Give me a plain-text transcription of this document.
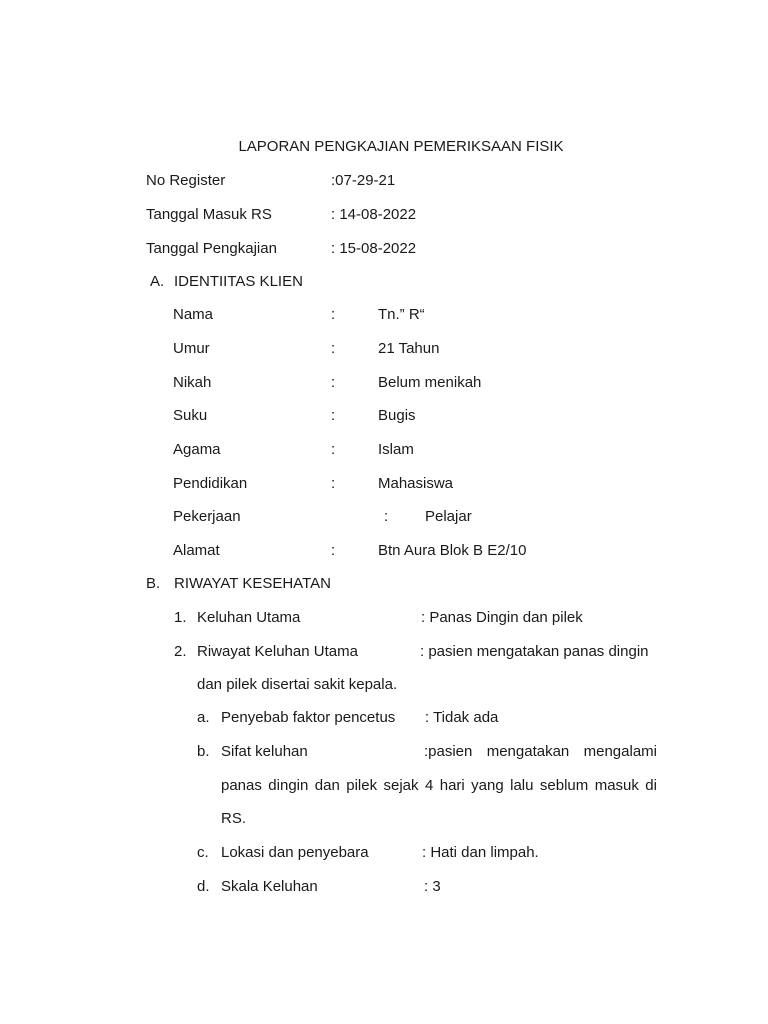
LAPORAN PENGKAJIAN PEMERIKSAAN FISIK
No Register	:07-29-21
Tanggal Masuk RS	: 14-08-2022
Tanggal Pengkajian	: 15-08-2022
A. IDENTIITAS KLIEN
Nama	:	Tn.” R“
Umur	:	21 Tahun
Nikah	:	Belum menikah
Suku	:	Bugis
Agama	:	Islam
Pendidikan	:	Mahasiswa
Pekerjaan	: Pelajar
Alamat	:	Btn Aura Blok B E2/10
B. RIWAYAT KESEHATAN
1. Keluhan Utama	: Panas Dingin dan pilek
2. Riwayat Keluhan Utama	: pasien mengatakan panas dingin
dan pilek disertai sakit kepala.
a. Penyebab faktor pencetus : Tidak ada
b. Sifat keluhan	:pasien mengatakan mengalami
panas dingin dan pilek sejak 4 hari yang lalu seblum masuk di
RS.
c. Lokasi dan penyebara	: Hati dan limpah.
d. Skala Keluhan	: 3
